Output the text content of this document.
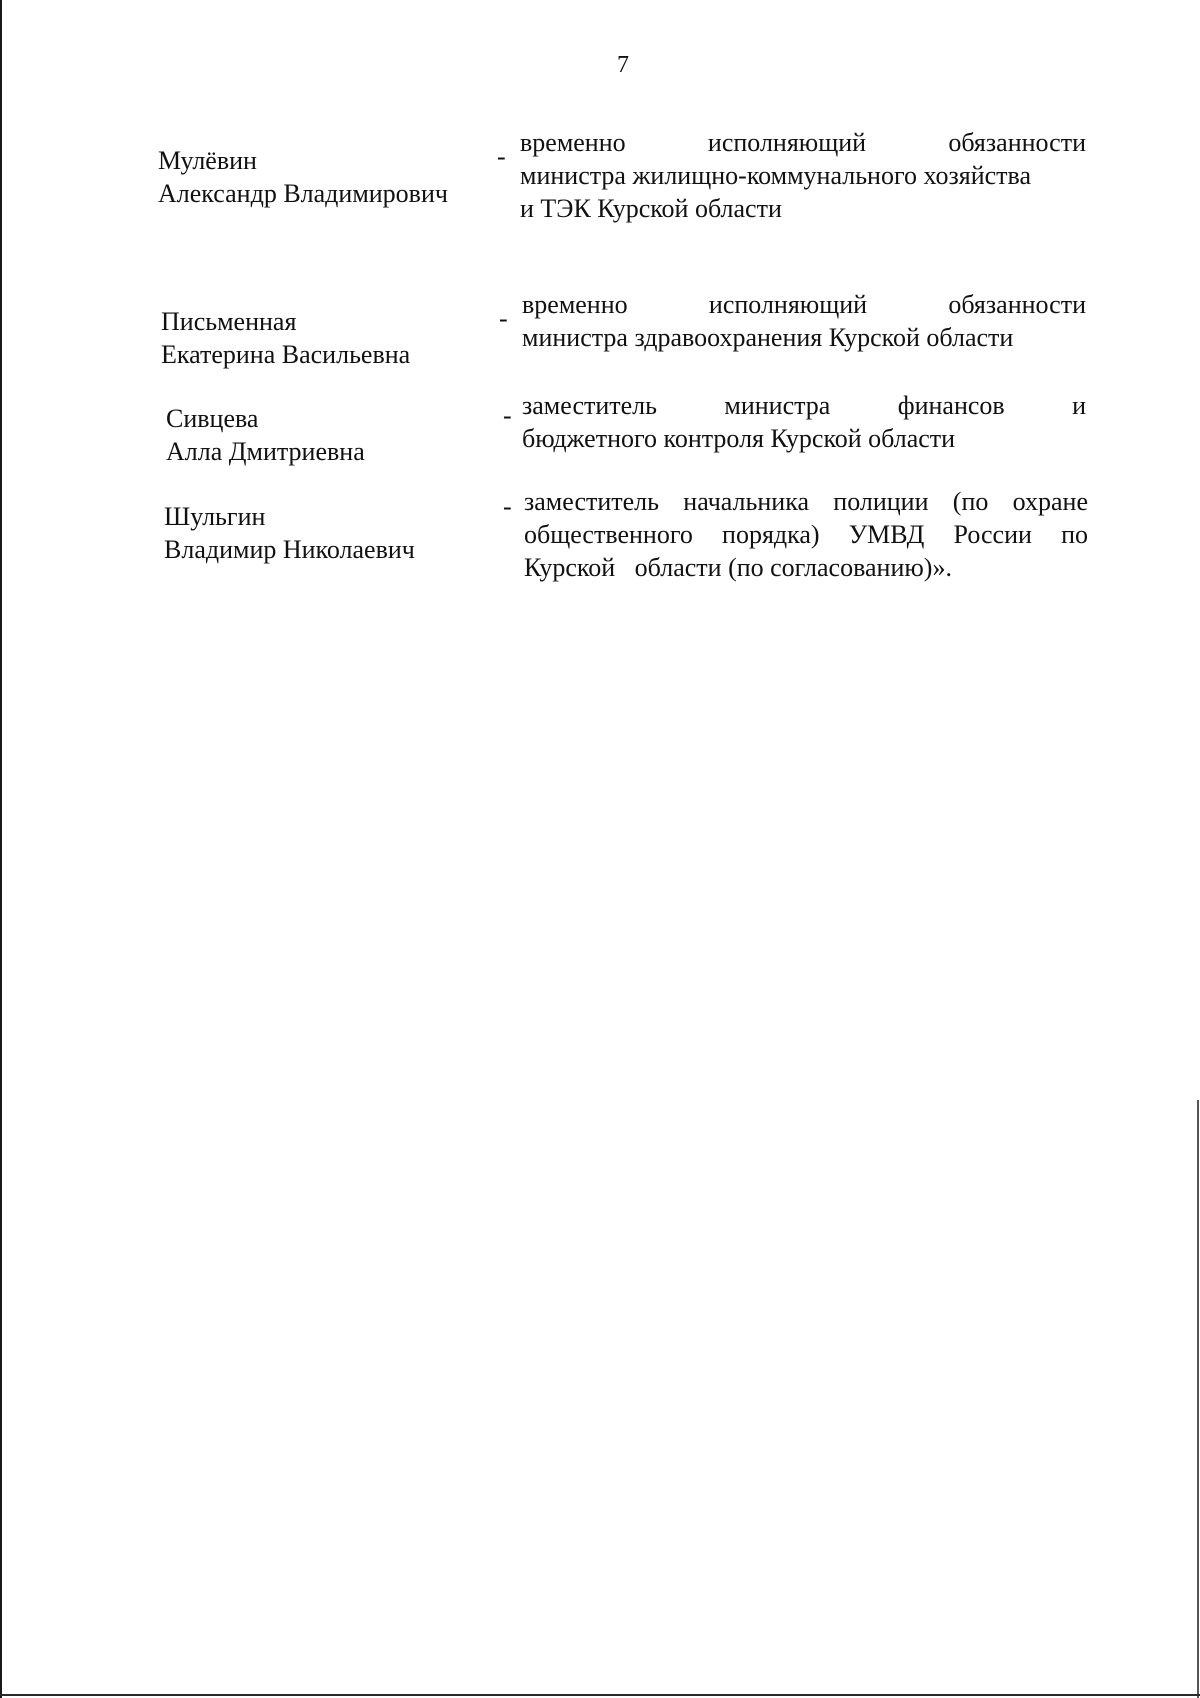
7
Мулёвин
Александр Владимирович
- временно исполняющий обязанности
министра жилищно-коммунального хозяйства
и ТЭК Курской области
Письменная
Екатерина Васильевна
- временно исполняющий обязанности
министра здравоохранения Курской области
Сивцева
Алла Дмитриевна
- заместитель министра финансов и
бюджетного контроля Курской области
Шульгин
Владимир Николаевич
- заместитель начальника полиции (по охране
общественного порядка) УМВД России по
Курской   области (по согласованию)».
